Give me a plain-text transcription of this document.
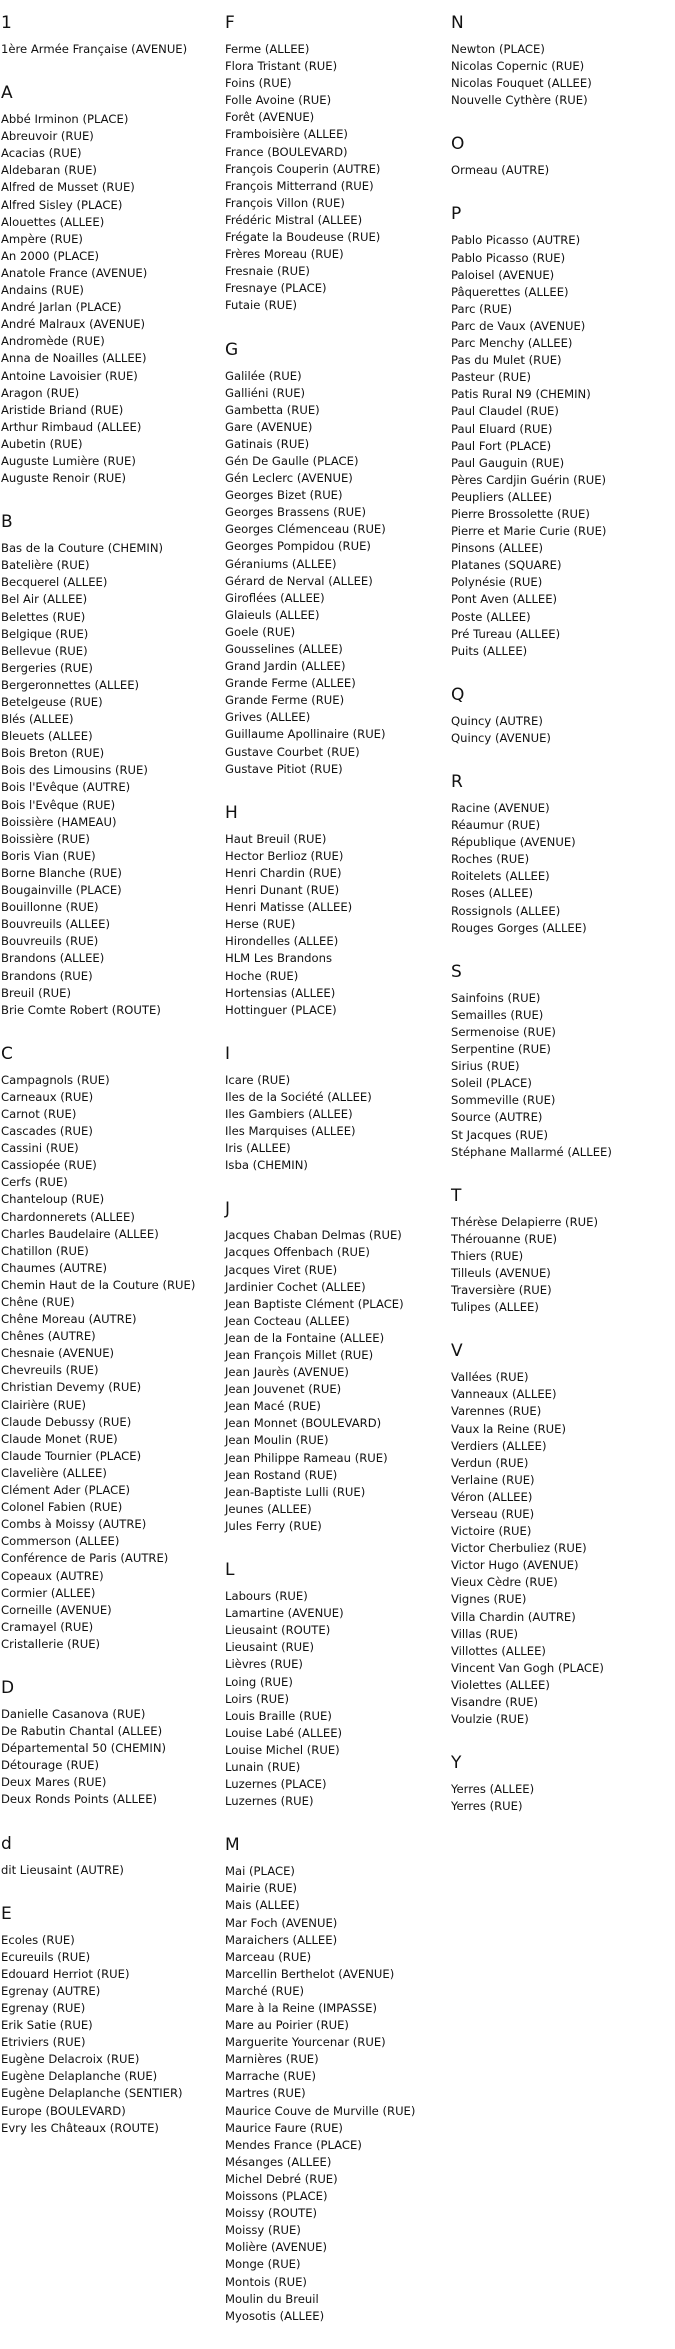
1
1ère Armée Française (AVENUE)
A
Abbé Irminon (PLACE)
Abreuvoir (RUE)
Acacias (RUE)
Aldebaran (RUE)
Alfred de Musset (RUE)
Alfred Sisley (PLACE)
Alouettes (ALLEE)
Ampère (RUE)
An 2000 (PLACE)
Anatole France (AVENUE)
Andains (RUE)
André Jarlan (PLACE)
André Malraux (AVENUE)
Andromède (RUE)
Anna de Noailles (ALLEE)
Antoine Lavoisier (RUE)
Aragon (RUE)
Aristide Briand (RUE)
Arthur Rimbaud (ALLEE)
Aubetin (RUE)
Auguste Lumière (RUE)
Auguste Renoir (RUE)
B
Bas de la Couture (CHEMIN)
Batelière (RUE)
Becquerel (ALLEE)
Bel Air (ALLEE)
Belettes (RUE)
Belgique (RUE)
Bellevue (RUE)
Bergeries (RUE)
Bergeronnettes (ALLEE)
Betelgeuse (RUE)
Blés (ALLEE)
Bleuets (ALLEE)
Bois Breton (RUE)
Bois des Limousins (RUE)
Bois l'Evêque (AUTRE)
Bois l'Evêque (RUE)
Boissière (HAMEAU)
Boissière (RUE)
Boris Vian (RUE)
Borne Blanche (RUE)
Bougainville (PLACE)
Bouillonne (RUE)
Bouvreuils (ALLEE)
Bouvreuils (RUE)
Brandons (ALLEE)
Brandons (RUE)
Breuil (RUE)
Brie Comte Robert (ROUTE)
C
Campagnols (RUE)
Carneaux (RUE)
Carnot (RUE)
Cascades (RUE)
Cassini (RUE)
Cassiopée (RUE)
Cerfs (RUE)
Chanteloup (RUE)
Chardonnerets (ALLEE)
Charles Baudelaire (ALLEE)
Chatillon (RUE)
Chaumes (AUTRE)
Chemin Haut de la Couture (RUE)
Chêne (RUE)
Chêne Moreau (AUTRE)
Chênes (AUTRE)
Chesnaie (AVENUE)
Chevreuils (RUE)
Christian Devemy (RUE)
Clairière (RUE)
Claude Debussy (RUE)
Claude Monet (RUE)
Claude Tournier (PLACE)
Clavelière (ALLEE)
Clément Ader (PLACE)
Colonel Fabien (RUE)
Combs à Moissy (AUTRE)
Commerson (ALLEE)
Conférence de Paris (AUTRE)
Copeaux (AUTRE)
Cormier (ALLEE)
Corneille (AVENUE)
Cramayel (RUE)
Cristallerie (RUE)
D
Danielle Casanova (RUE)
De Rabutin Chantal (ALLEE)
Départemental 50 (CHEMIN)
Détourage (RUE)
Deux Mares (RUE)
Deux Ronds Points (ALLEE)
d
dit Lieusaint (AUTRE)
E
Ecoles (RUE)
Ecureuils (RUE)
Edouard Herriot (RUE)
Egrenay (AUTRE)
Egrenay (RUE)
Erik Satie (RUE)
Etriviers (RUE)
Eugène Delacroix (RUE)
Eugène Delaplanche (RUE)
Eugène Delaplanche (SENTIER)
Europe (BOULEVARD)
Evry les Châteaux (ROUTE)
F
Ferme (ALLEE)
Flora Tristant (RUE)
Foins (RUE)
Folle Avoine (RUE)
Forêt (AVENUE)
Framboisière (ALLEE)
France (BOULEVARD)
François Couperin (AUTRE)
François Mitterrand (RUE)
François Villon (RUE)
Frédéric Mistral (ALLEE)
Frégate la Boudeuse (RUE)
Frères Moreau (RUE)
Fresnaie (RUE)
Fresnaye (PLACE)
Futaie (RUE)
G
Galilée (RUE)
Galliéni (RUE)
Gambetta (RUE)
Gare (AVENUE)
Gatinais (RUE)
Gén De Gaulle (PLACE)
Gén Leclerc (AVENUE)
Georges Bizet (RUE)
Georges Brassens (RUE)
Georges Clémenceau (RUE)
Georges Pompidou (RUE)
Géraniums (ALLEE)
Gérard de Nerval (ALLEE)
Giroflées (ALLEE)
Glaieuls (ALLEE)
Goele (RUE)
Gousselines (ALLEE)
Grand Jardin (ALLEE)
Grande Ferme (ALLEE)
Grande Ferme (RUE)
Grives (ALLEE)
Guillaume Apollinaire (RUE)
Gustave Courbet (RUE)
Gustave Pitiot (RUE)
H
Haut Breuil (RUE)
Hector Berlioz (RUE)
Henri Chardin (RUE)
Henri Dunant (RUE)
Henri Matisse (ALLEE)
Herse (RUE)
Hirondelles (ALLEE)
HLM Les Brandons
Hoche (RUE)
Hortensias (ALLEE)
Hottinguer (PLACE)
I
Icare (RUE)
Iles de la Société (ALLEE)
Iles Gambiers (ALLEE)
Iles Marquises (ALLEE)
Iris (ALLEE)
Isba (CHEMIN)
J
Jacques Chaban Delmas (RUE)
Jacques Offenbach (RUE)
Jacques Viret (RUE)
Jardinier Cochet (ALLEE)
Jean Baptiste Clément (PLACE)
Jean Cocteau (ALLEE)
Jean de la Fontaine (ALLEE)
Jean François Millet (RUE)
Jean Jaurès (AVENUE)
Jean Jouvenet (RUE)
Jean Macé (RUE)
Jean Monnet (BOULEVARD)
Jean Moulin (RUE)
Jean Philippe Rameau (RUE)
Jean Rostand (RUE)
Jean-Baptiste Lulli (RUE)
Jeunes (ALLEE)
Jules Ferry (RUE)
L
Labours (RUE)
Lamartine (AVENUE)
Lieusaint (ROUTE)
Lieusaint (RUE)
Lièvres (RUE)
Loing (RUE)
Loirs (RUE)
Louis Braille (RUE)
Louise Labé (ALLEE)
Louise Michel (RUE)
Lunain (RUE)
Luzernes (PLACE)
Luzernes (RUE)
M
Mai (PLACE)
Mairie (RUE)
Mais (ALLEE)
Mar Foch (AVENUE)
Maraichers (ALLEE)
Marceau (RUE)
Marcellin Berthelot (AVENUE)
Marché (RUE)
Mare à la Reine (IMPASSE)
Mare au Poirier (RUE)
Marguerite Yourcenar (RUE)
Marnières (RUE)
Marrache (RUE)
Martres (RUE)
Maurice Couve de Murville (RUE)
Maurice Faure (RUE)
Mendes France (PLACE)
Mésanges (ALLEE)
Michel Debré (RUE)
Moissons (PLACE)
Moissy (ROUTE)
Moissy (RUE)
Molière (AVENUE)
Monge (RUE)
Montois (RUE)
Moulin du Breuil
Myosotis (ALLEE)
N
Newton (PLACE)
Nicolas Copernic (RUE)
Nicolas Fouquet (ALLEE)
Nouvelle Cythère (RUE)
O
Ormeau (AUTRE)
P
Pablo Picasso (AUTRE)
Pablo Picasso (RUE)
Paloisel (AVENUE)
Pâquerettes (ALLEE)
Parc (RUE)
Parc de Vaux (AVENUE)
Parc Menchy (ALLEE)
Pas du Mulet (RUE)
Pasteur (RUE)
Patis Rural N9 (CHEMIN)
Paul Claudel (RUE)
Paul Eluard (RUE)
Paul Fort (PLACE)
Paul Gauguin (RUE)
Pères Cardjin Guérin (RUE)
Peupliers (ALLEE)
Pierre Brossolette (RUE)
Pierre et Marie Curie (RUE)
Pinsons (ALLEE)
Platanes (SQUARE)
Polynésie (RUE)
Pont Aven (ALLEE)
Poste (ALLEE)
Pré Tureau (ALLEE)
Puits (ALLEE)
Q
Quincy (AUTRE)
Quincy (AVENUE)
R
Racine (AVENUE)
Réaumur (RUE)
République (AVENUE)
Roches (RUE)
Roitelets (ALLEE)
Roses (ALLEE)
Rossignols (ALLEE)
Rouges Gorges (ALLEE)
S
Sainfoins (RUE)
Semailles (RUE)
Sermenoise (RUE)
Serpentine (RUE)
Sirius (RUE)
Soleil (PLACE)
Sommeville (RUE)
Source (AUTRE)
St Jacques (RUE)
Stéphane Mallarmé (ALLEE)
T
Thérèse Delapierre (RUE)
Thérouanne (RUE)
Thiers (RUE)
Tilleuls (AVENUE)
Traversière (RUE)
Tulipes (ALLEE)
V
Vallées (RUE)
Vanneaux (ALLEE)
Varennes (RUE)
Vaux la Reine (RUE)
Verdiers (ALLEE)
Verdun (RUE)
Verlaine (RUE)
Véron (ALLEE)
Verseau (RUE)
Victoire (RUE)
Victor Cherbuliez (RUE)
Victor Hugo (AVENUE)
Vieux Cèdre (RUE)
Vignes (RUE)
Villa Chardin (AUTRE)
Villas (RUE)
Villottes (ALLEE)
Vincent Van Gogh (PLACE)
Violettes (ALLEE)
Visandre (RUE)
Voulzie (RUE)
Y
Yerres (ALLEE)
Yerres (RUE)
